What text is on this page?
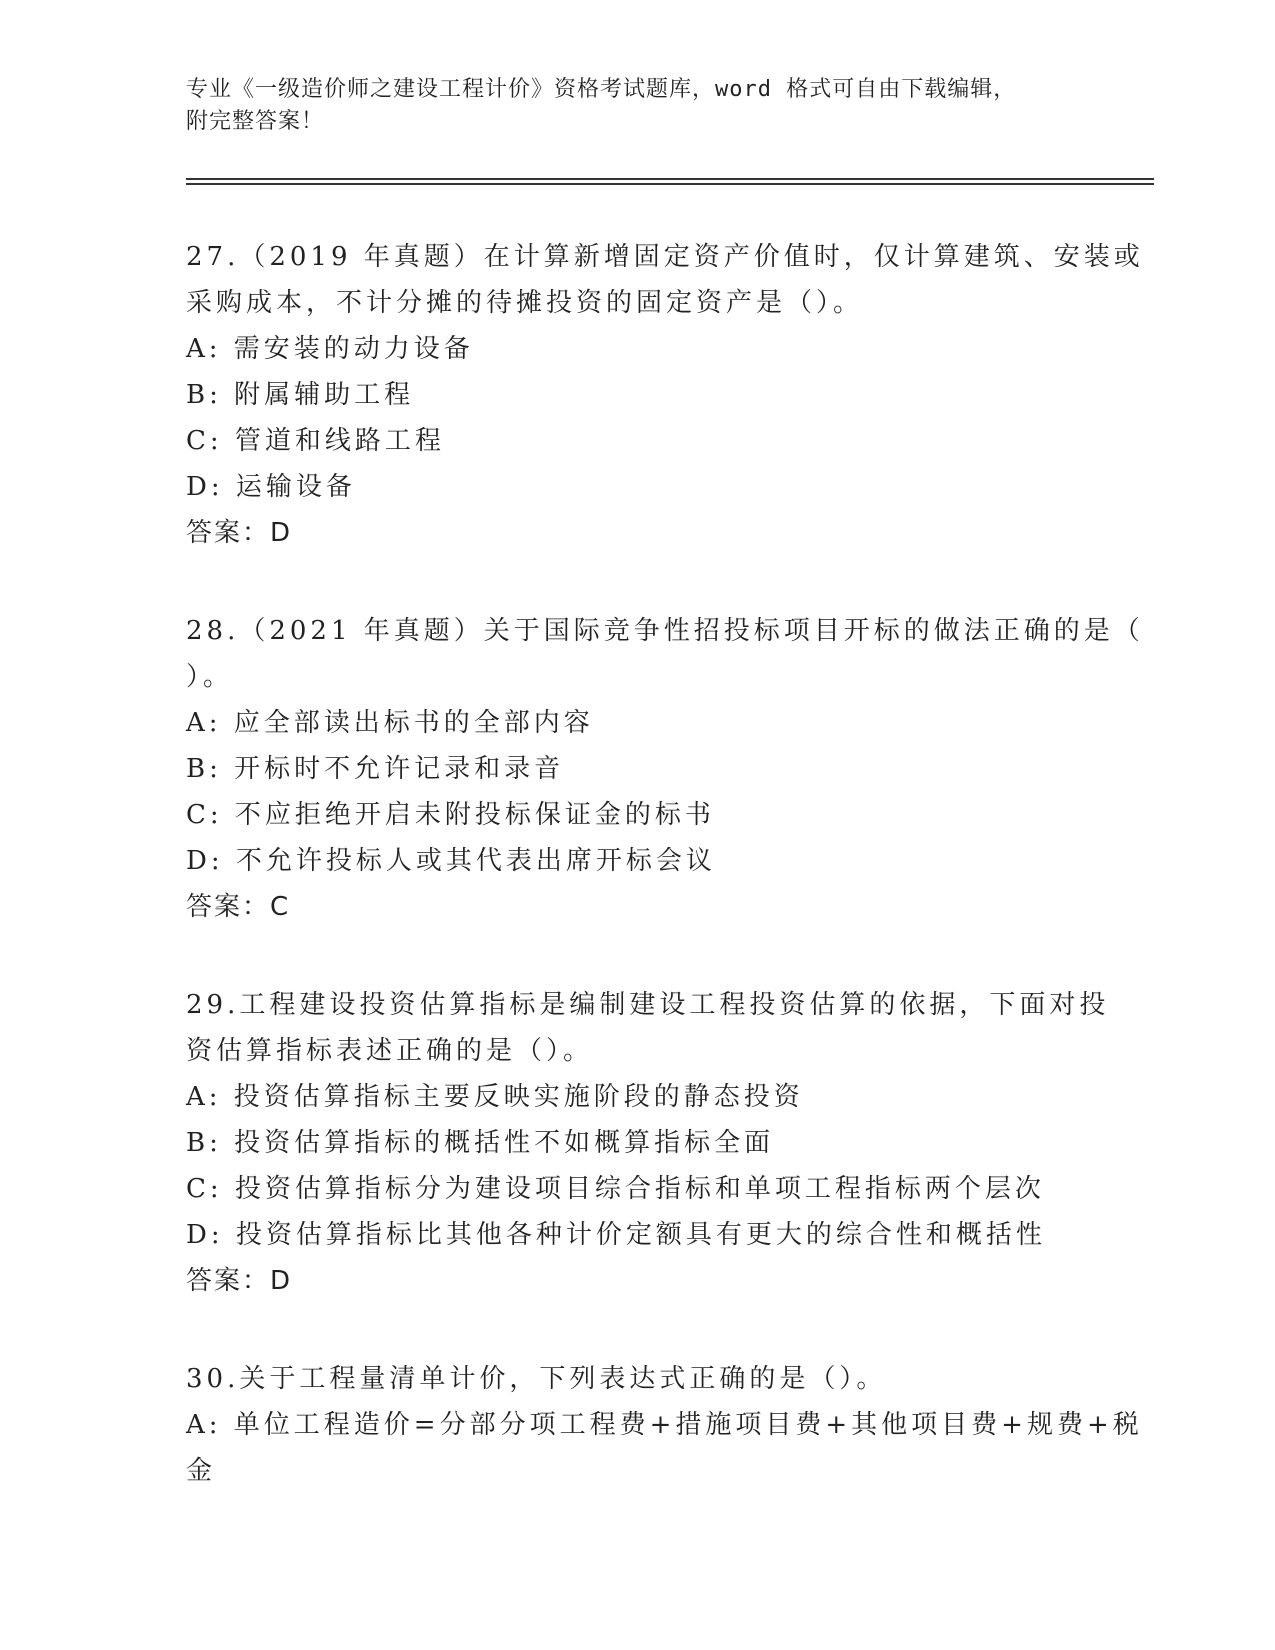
专业《一级造价师之建设工程计价》资格考试题库，word 格式可自由下载编辑，
附完整答案！
27.（2019 年真题）在计算新增固定资产价值时，仅计算建筑、安装或
采购成本，不计分摊的待摊投资的固定资产是（）。
A: 需安装的动力设备
B: 附属辅助工程
C: 管道和线路工程
D: 运输设备
答案：D
28.（2021 年真题）关于国际竞争性招投标项目开标的做法正确的是（
）。
A: 应全部读出标书的全部内容
B: 开标时不允许记录和录音
C: 不应拒绝开启未附投标保证金的标书
D: 不允许投标人或其代表出席开标会议
答案：C
29.工程建设投资估算指标是编制建设工程投资估算的依据，下面对投
资估算指标表述正确的是（）。
A: 投资估算指标主要反映实施阶段的静态投资
B: 投资估算指标的概括性不如概算指标全面
C: 投资估算指标分为建设项目综合指标和单项工程指标两个层次
D: 投资估算指标比其他各种计价定额具有更大的综合性和概括性
答案：D
30.关于工程量清单计价，下列表达式正确的是（）。
A: 单位工程造价=分部分项工程费+措施项目费+其他项目费+规费+税
金
